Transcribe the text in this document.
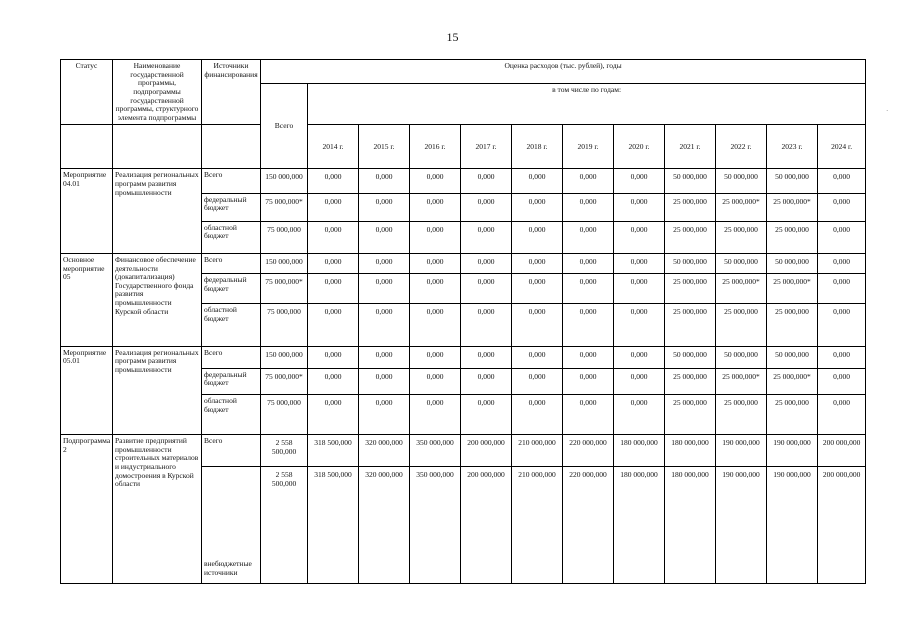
15
·
Статус	Наименование государственной программы, подпрограммы государственной программы, структурного элемента подпрограммы	Источники финансирования	Оценка расходов (тыс. рублей), годы											
			Всего	в том числе по годам:										
				2014 г.	2015 г.	2016 г.	2017 г.	2018 г.	2019 г.	2020 г.	2021 г.	2022 г.	2023 г.	2024 г.
Мероприятие 04.01	Реализация региональных программ развития промышленности	Всего	150 000,000	0,000	0,000	0,000	0,000	0,000	0,000	0,000	50 000,000	50 000,000	50 000,000	0,000
		федеральный бюджет	75 000,000*	0,000	0,000	0,000	0,000	0,000	0,000	0,000	25 000,000	25 000,000*	25 000,000*	0,000
		областной бюджет	75 000,000	0,000	0,000	0,000	0,000	0,000	0,000	0,000	25 000,000	25 000,000	25 000,000	0,000
Основное мероприятие 05	Финансовое обеспечение деятельности (докапитализация) Государственного фонда развития промышленности Курской области	Всего	150 000,000	0,000	0,000	0,000	0,000	0,000	0,000	0,000	50 000,000	50 000,000	50 000,000	0,000
		федеральный бюджет	75 000,000*	0,000	0,000	0,000	0,000	0,000	0,000	0,000	25 000,000	25 000,000*	25 000,000*	0,000
		областной бюджет	75 000,000	0,000	0,000	0,000	0,000	0,000	0,000	0,000	25 000,000	25 000,000	25 000,000	0,000
Мероприятие 05.01	Реализация региональных программ развития промышленности	Всего	150 000,000	0,000	0,000	0,000	0,000	0,000	0,000	0,000	50 000,000	50 000,000	50 000,000	0,000
		федеральный бюджет	75 000,000*	0,000	0,000	0,000	0,000	0,000	0,000	0,000	25 000,000	25 000,000*	25 000,000*	0,000
		областной бюджет	75 000,000	0,000	0,000	0,000	0,000	0,000	0,000	0,000	25 000,000	25 000,000	25 000,000	0,000
Подпрограмма 2	Развитие предприятий промышленности строительных материалов и индустриального домостроения в Курской области	Всего	2 558 500,000	318 500,000	320 000,000	350 000,000	200 000,000	210 000,000	220 000,000	180 000,000	180 000,000	190 000,000	190 000,000	200 000,000
		внебюджетные источники	2 558 500,000	318 500,000	320 000,000	350 000,000	200 000,000	210 000,000	220 000,000	180 000,000	180 000,000	190 000,000	190 000,000	200 000,000
